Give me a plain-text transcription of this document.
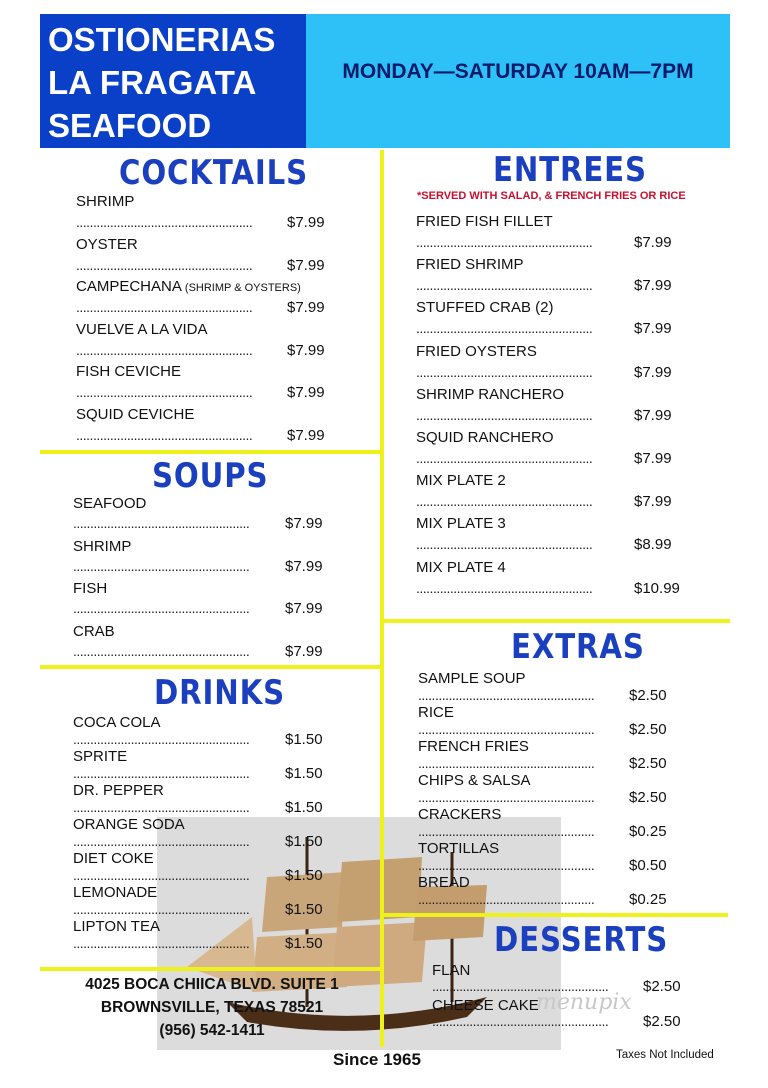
OSTIONERIAS
LA FRAGATA
SEAFOOD
MONDAY—SATURDAY 10AM—7PM
COCKTAILS
SHRIMP
....................................................	$7.99
OYSTER
....................................................	$7.99
CAMPECHANA (SHRIMP & OYSTERS)
....................................................	$7.99
VUELVE A LA VIDA
....................................................	$7.99
FISH CEVICHE
....................................................	$7.99
SQUID CEVICHE
....................................................	$7.99
SOUPS
SEAFOOD
....................................................	$7.99
SHRIMP
....................................................	$7.99
FISH
....................................................	$7.99
CRAB
....................................................	$7.99
DRINKS
COCA COLA
....................................................	$1.50
SPRITE
....................................................	$1.50
DR. PEPPER
....................................................	$1.50
ORANGE SODA
....................................................	$1.50
DIET COKE
....................................................	$1.50
LEMONADE
....................................................	$1.50
LIPTON TEA
....................................................	$1.50
ENTREES
*SERVED WITH SALAD, & FRENCH FRIES OR RICE
FRIED FISH FILLET
....................................................	$7.99
FRIED SHRIMP
....................................................	$7.99
STUFFED CRAB (2)
....................................................	$7.99
FRIED OYSTERS
....................................................	$7.99
SHRIMP RANCHERO
....................................................	$7.99
SQUID RANCHERO
....................................................	$7.99
MIX PLATE 2
....................................................	$7.99
MIX PLATE 3
....................................................	$8.99
MIX PLATE 4
....................................................	$10.99
EXTRAS
SAMPLE SOUP
....................................................	$2.50
RICE
....................................................	$2.50
FRENCH FRIES
....................................................	$2.50
CHIPS & SALSA
....................................................	$2.50
CRACKERS
....................................................	$0.25
TORTILLAS
....................................................	$0.50
BREAD
....................................................	$0.25
DESSERTS
FLAN
....................................................	$2.50
CHEESE CAKE
....................................................	$2.50
4025 BOCA CHIICA BLVD. SUITE 1
BROWNSVILLE, TEXAS 78521
(956) 542-1411
Since 1965	Taxes Not Included
menupix
